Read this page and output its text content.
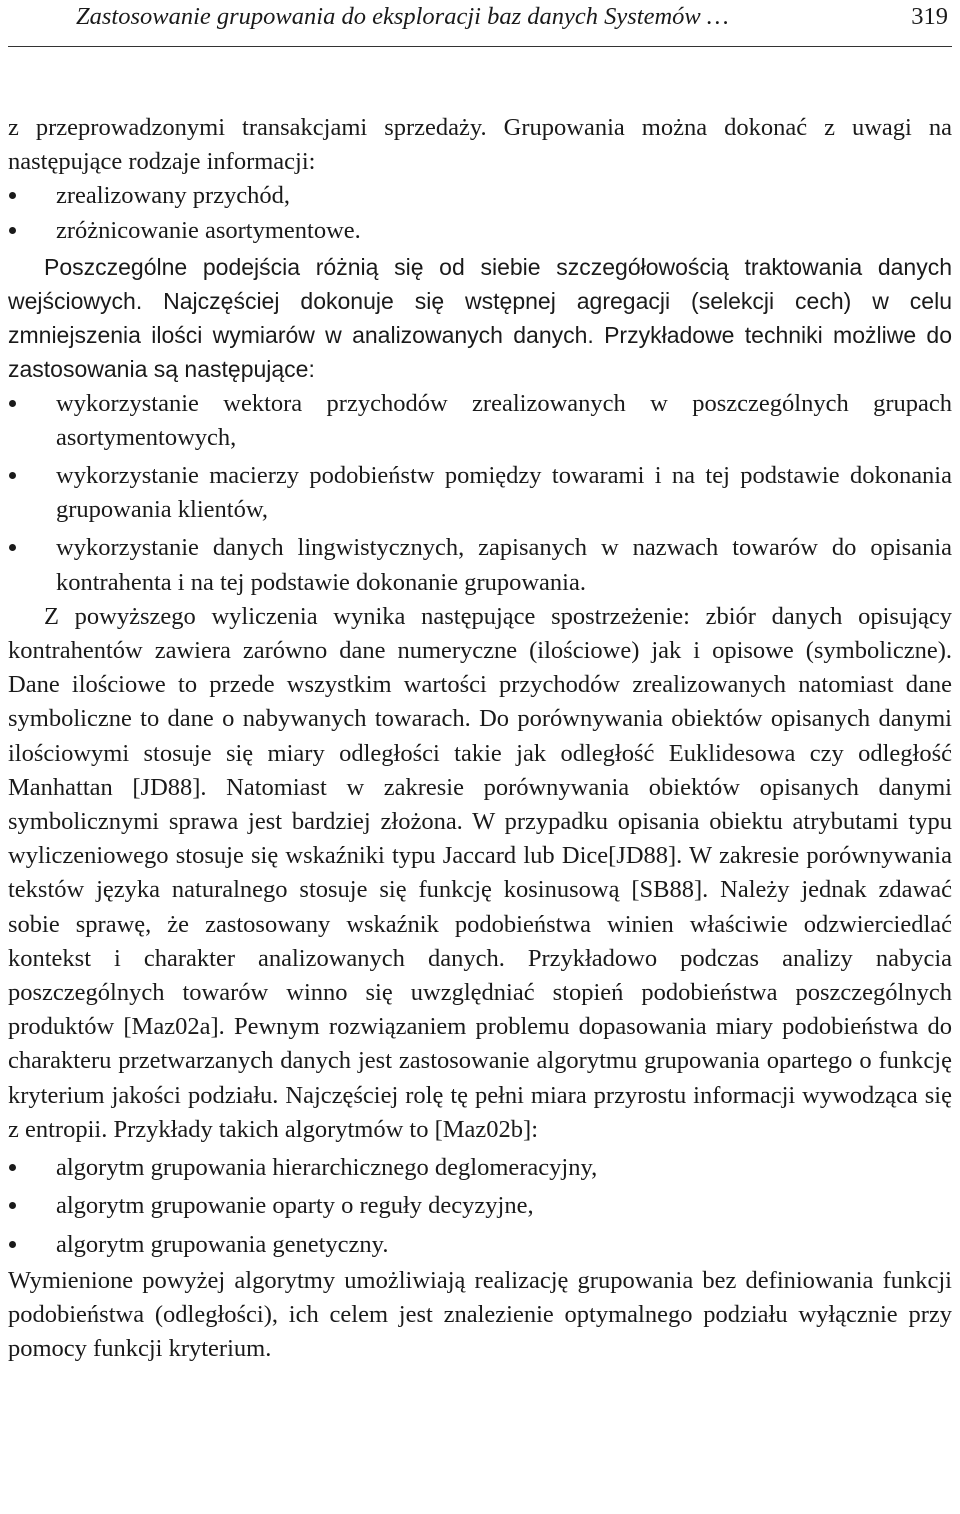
Zastosowanie grupowania do eksploracji baz danych Systemów …	319

z przeprowadzonymi transakcjami sprzedaży. Grupowania można dokonać z uwagi na następujące rodzaje informacji:

zrealizowany przychód,
zróżnicowanie asortymentowe.

Poszczególne podejścia różnią się od siebie szczegółowością traktowania danych wejściowych. Najczęściej dokonuje się wstępnej agregacji (selekcji cech) w celu zmniejszenia ilości wymiarów w analizowanych danych. Przykładowe techniki możliwe do zastosowania są następujące:

wykorzystanie wektora przychodów zrealizowanych w poszczególnych grupach asortymentowych,
wykorzystanie macierzy podobieństw pomiędzy towarami i na tej podstawie dokonania grupowania klientów,
wykorzystanie danych lingwistycznych, zapisanych w nazwach towarów do opisania kontrahenta i na tej podstawie dokonanie grupowania.

Z powyższego wyliczenia wynika następujące spostrzeżenie: zbiór danych opisujący kontrahentów zawiera zarówno dane numeryczne (ilościowe) jak i opisowe (symboliczne). Dane ilościowe to przede wszystkim wartości przychodów zrealizowanych natomiast dane symboliczne to dane o nabywanych towarach. Do porównywania obiektów opisanych danymi ilościowymi stosuje się miary odległości takie jak odległość Euklidesowa czy odległość Manhattan [JD88]. Natomiast w zakresie porównywania obiektów opisanych danymi symbolicznymi sprawa jest bardziej złożona. W przypadku opisania obiektu atrybutami typu wyliczeniowego stosuje się wskaźniki typu Jaccard lub Dice[JD88]. W zakresie porównywania tekstów języka naturalnego stosuje się funkcję kosinusową [SB88]. Należy jednak zdawać sobie sprawę, że zastosowany wskaźnik podobieństwa winien właściwie odzwierciedlać kontekst i charakter analizowanych danych. Przykładowo podczas analizy nabycia poszczególnych towarów winno się uwzględniać stopień podobieństwa poszczególnych produktów [Maz02a]. Pewnym rozwiązaniem problemu dopasowania miary podobieństwa do charakteru przetwarzanych danych jest zastosowanie algorytmu grupowania opartego o funkcję kryterium jakości podziału. Najczęściej rolę tę pełni miara przyrostu informacji wywodząca się z entropii. Przykłady takich algorytmów to [Maz02b]:

algorytm grupowania hierarchicznego deglomeracyjny,
algorytm grupowanie oparty o reguły decyzyjne,
algorytm grupowania genetyczny.

Wymienione powyżej algorytmy umożliwiają realizację grupowania bez definiowania funkcji podobieństwa (odległości), ich celem jest znalezienie optymalnego podziału wyłącznie przy pomocy funkcji kryterium.
